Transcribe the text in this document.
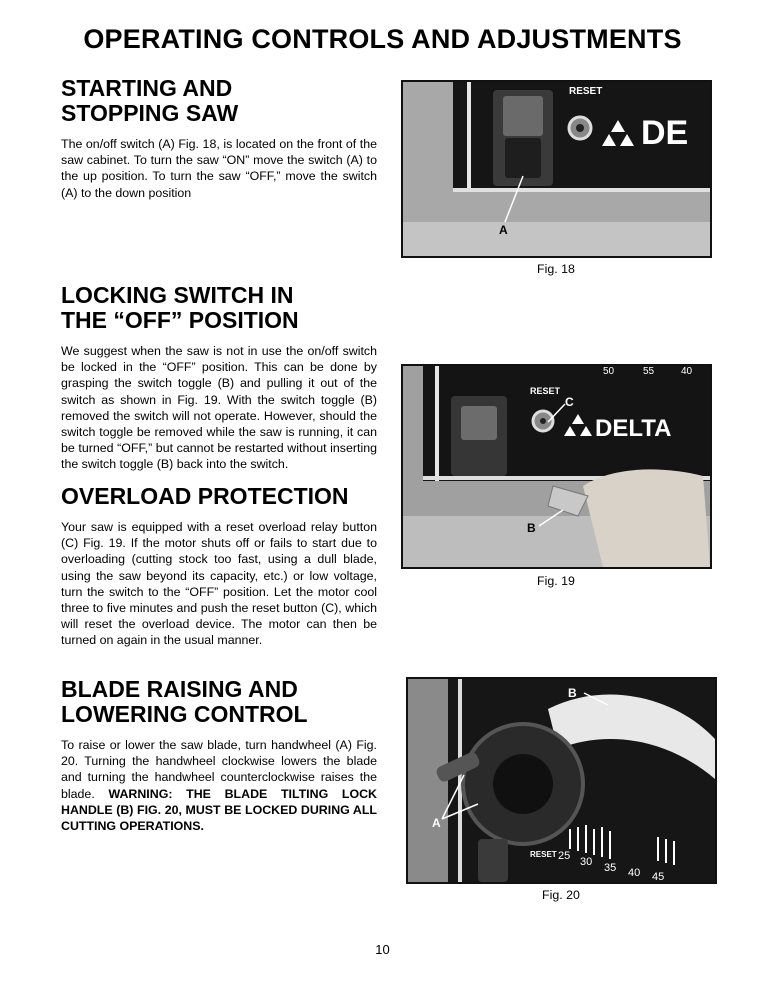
OPERATING CONTROLS AND ADJUSTMENTS
STARTING AND
STOPPING SAW

The on/off switch (A) Fig. 18, is located on the front of the saw cabinet. To turn the saw “ON” move the switch (A) to the up position. To turn the saw “OFF,” move the switch (A) to the down position

LOCKING SWITCH IN
THE “OFF” POSITION

We suggest when the saw is not in use the on/off switch be locked in the “OFF” position. This can be done by grasping the switch toggle (B) and pulling it out of the switch as shown in Fig. 19. With the switch toggle (B) removed the switch will not operate. However, should the switch toggle be removed while the saw is running, it can be turned “OFF,” but cannot be restarted without inserting the switch toggle (B) back into the switch.

OVERLOAD PROTECTION

Your saw is equipped with a reset overload relay button (C) Fig. 19. If the motor shuts off or fails to start due to overloading (cutting stock too fast, using a dull blade, using the saw beyond its capacity, etc.) or low voltage, turn the switch to the “OFF” position. Let the motor cool three to five minutes and push the reset button (C), which will reset the overload device. The motor can then be turned on again in the usual manner.

BLADE RAISING AND
LOWERING CONTROL

To raise or lower the saw blade, turn handwheel (A) Fig. 20. Turning the handwheel clockwise lowers the blade and turning the handwheel counterclockwise raises the blade. WARNING: THE BLADE TILTING LOCK HANDLE (B) FIG. 20, MUST BE LOCKED DURING ALL CUTTING OPERATIONS.

RESET
DE
A
Fig. 18
50	55	40
RESET
DELTA
C
B
Fig. 19
RESET 25 30 35 40 45
B
A
Fig. 20
10
